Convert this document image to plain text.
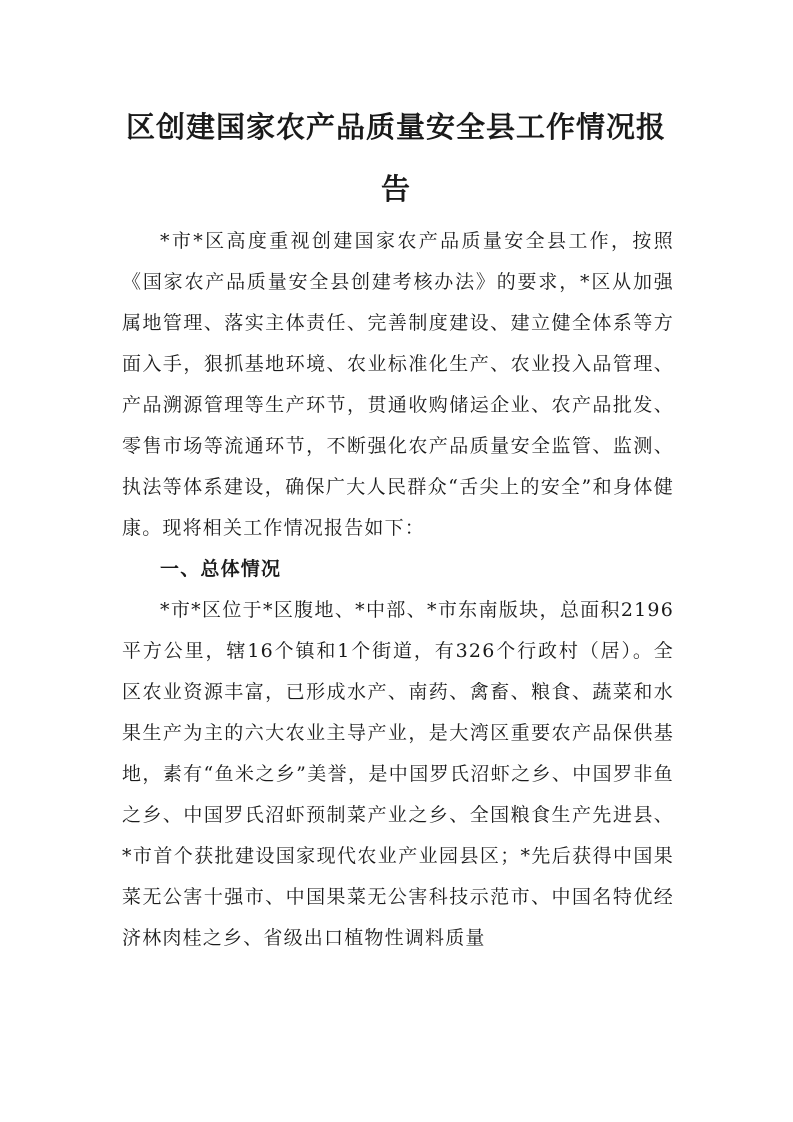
区创建国家农产品质量安全县工作情况报告

*市*区高度重视创建国家农产品质量安全县工作，按照《国家农产品质量安全县创建考核办法》的要求，*区从加强属地管理、落实主体责任、完善制度建设、建立健全体系等方面入手，狠抓基地环境、农业标准化生产、农业投入品管理、产品溯源管理等生产环节，贯通收购储运企业、农产品批发、零售市场等流通环节，不断强化农产品质量安全监管、监测、执法等体系建设，确保广大人民群众“舌尖上的安全”和身体健康。现将相关工作情况报告如下：

一、总体情况

*市*区位于*区腹地、*中部、*市东南版块，总面积2196平方公里，辖16个镇和1个街道，有326个行政村（居）。全区农业资源丰富，已形成水产、南药、禽畜、粮食、蔬菜和水果生产为主的六大农业主导产业，是大湾区重要农产品保供基地，素有“鱼米之乡”美誉，是中国罗氏沼虾之乡、中国罗非鱼之乡、中国罗氏沼虾预制菜产业之乡、全国粮食生产先进县、*市首个获批建设国家现代农业产业园县区；*先后获得中国果菜无公害十强市、中国果菜无公害科技示范市、中国名特优经济林肉桂之乡、省级出口植物性调料质量
